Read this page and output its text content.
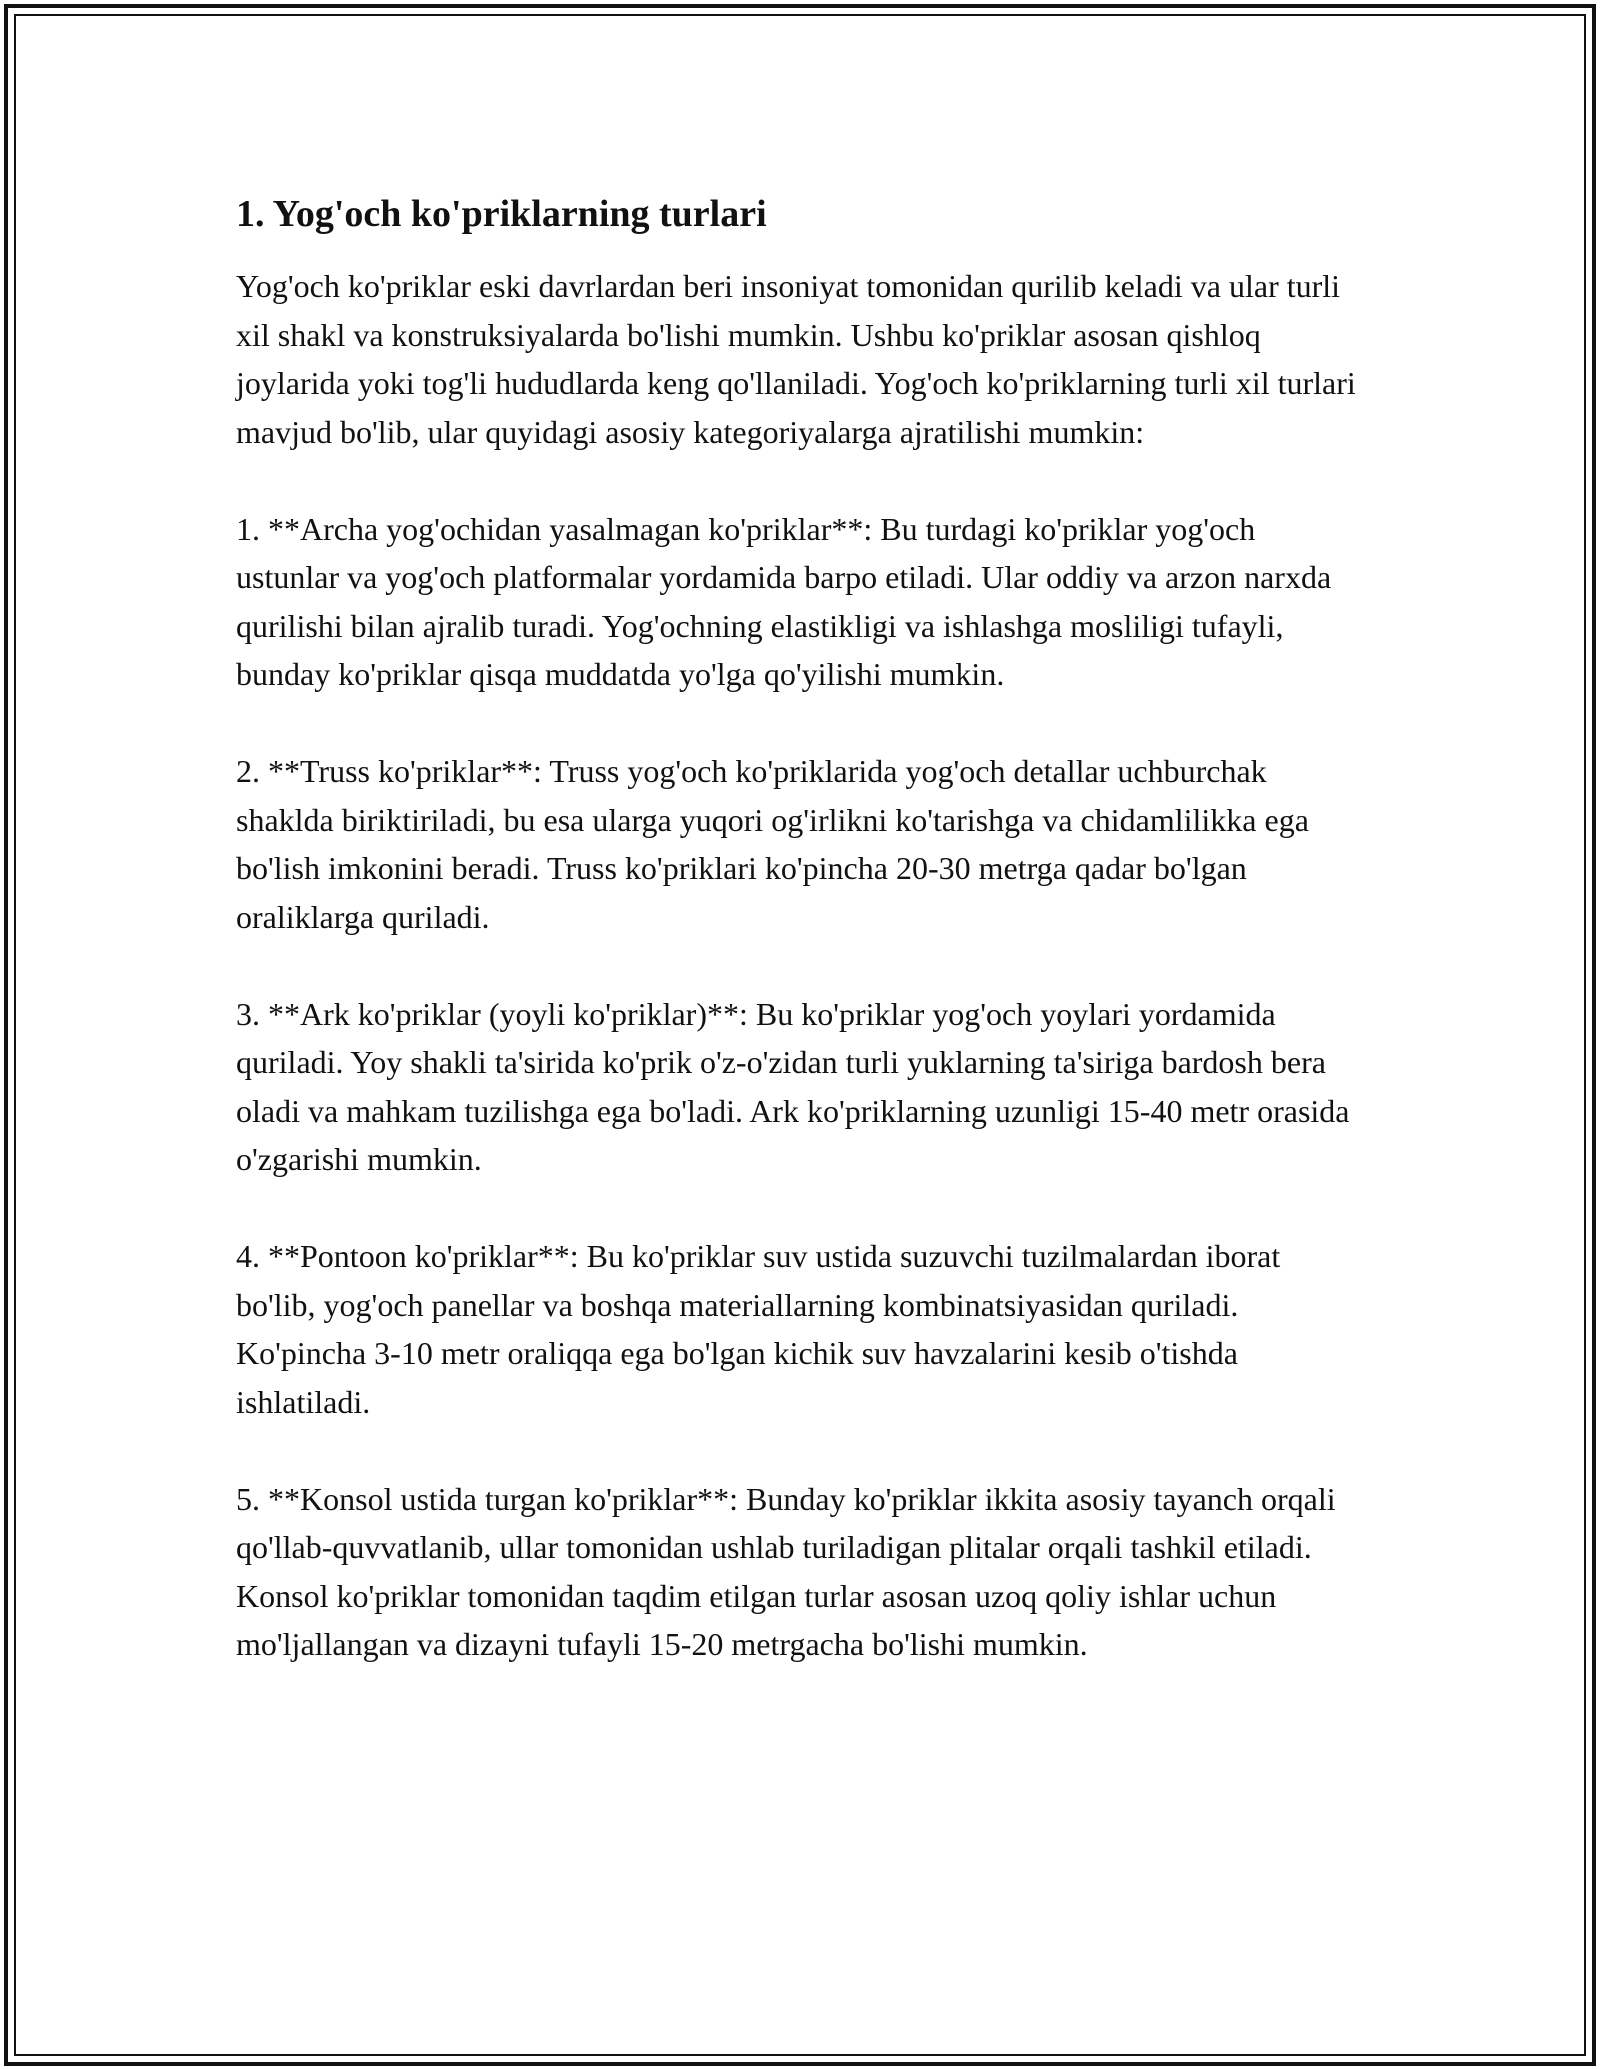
1. Yog'och ko'priklarning turlari

Yog'och ko'priklar eski davrlardan beri insoniyat tomonidan qurilib keladi va ular turli xil shakl va konstruksiyalarda bo'lishi mumkin. Ushbu ko'priklar asosan qishloq joylarida yoki tog'li hududlarda keng qo'llaniladi. Yog'och ko'priklarning turli xil turlari mavjud bo'lib, ular quyidagi asosiy kategoriyalarga ajratilishi mumkin:

1. **Archa yog'ochidan yasalmagan ko'priklar**: Bu turdagi ko'priklar yog'och ustunlar va yog'och platformalar yordamida barpo etiladi. Ular oddiy va arzon narxda qurilishi bilan ajralib turadi. Yog'ochning elastikligi va ishlashga mosliligi tufayli, bunday ko'priklar qisqa muddatda yo'lga qo'yilishi mumkin.

2. **Truss ko'priklar**: Truss yog'och ko'priklarida yog'och detallar uchburchak shaklda biriktiriladi, bu esa ularga yuqori og'irlikni ko'tarishga va chidamlilikka ega bo'lish imkonini beradi. Truss ko'priklari ko'pincha 20-30 metrga qadar bo'lgan oraliklarga quriladi.

3. **Ark ko'priklar (yoyli ko'priklar)**: Bu ko'priklar yog'och yoylari yordamida quriladi. Yoy shakli ta'sirida ko'prik o'z-o'zidan turli yuklarning ta'siriga bardosh bera oladi va mahkam tuzilishga ega bo'ladi. Ark ko'priklarning uzunligi 15-40 metr orasida o'zgarishi mumkin.

4. **Pontoon ko'priklar**: Bu ko'priklar suv ustida suzuvchi tuzilmalardan iborat bo'lib, yog'och panellar va boshqa materiallarning kombinatsiyasidan quriladi. Ko'pincha 3-10 metr oraliqqa ega bo'lgan kichik suv havzalarini kesib o'tishda ishlatiladi.

5. **Konsol ustida turgan ko'priklar**: Bunday ko'priklar ikkita asosiy tayanch orqali qo'llab-quvvatlanib, ullar tomonidan ushlab turiladigan plitalar orqali tashkil etiladi. Konsol ko'priklar tomonidan taqdim etilgan turlar asosan uzoq qoliy ishlar uchun mo'ljallangan va dizayni tufayli 15-20 metrgacha bo'lishi mumkin.
